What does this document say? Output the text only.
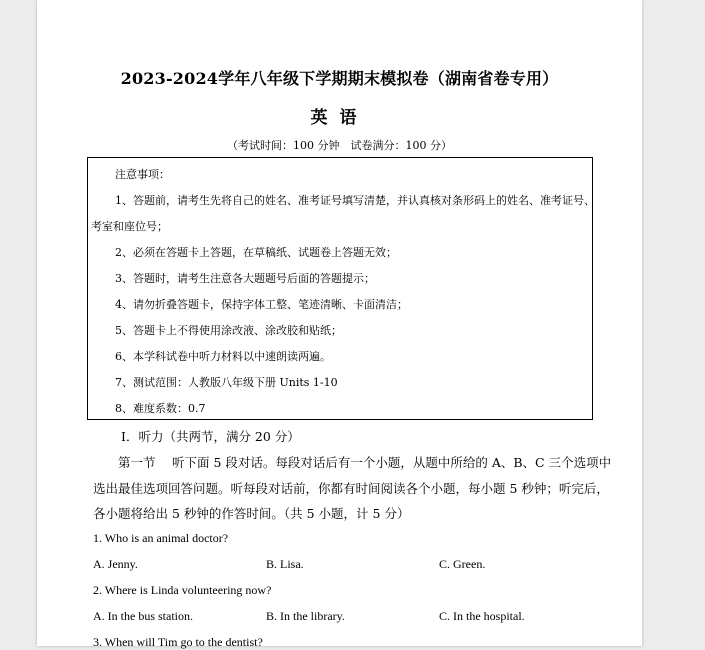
2023-2024学年八年级下学期期末模拟卷（湖南省卷专用）
英语
（考试时间：100 分钟　试卷满分：100 分）
注意事项：
1、答题前，请考生先将自己的姓名、准考证号填写清楚，并认真核对条形码上的姓名、准考证号、
考室和座位号；
2、必须在答题卡上答题，在草稿纸、试题卷上答题无效；
3、答题时，请考生注意各大题题号后面的答题提示；
4、请勿折叠答题卡，保持字体工整、笔迹清晰、卡面清洁；
5、答题卡上不得使用涂改液、涂改胶和贴纸；
6、本学科试卷中听力材料以中速朗读两遍。
7、测试范围：人教版八年级下册 Units 1-10
8、难度系数：0.7
Ⅰ．听力（共两节，满分 20 分）
第一节　 听下面 5 段对话。每段对话后有一个小题，从题中所给的 A、B、C 三个选项中
选出最佳选项回答问题。听每段对话前，你都有时间阅读各个小题，每小题 5 秒钟；听完后，
各小题将给出 5 秒钟的作答时间。（共 5 小题，计 5 分）
1. Who is an animal doctor?
A. Jenny.	B. Lisa.	C. Green.
2. Where is Linda volunteering now?
A. In the bus station.	B. In the library.	C. In the hospital.
3. When will Tim go to the dentist?
